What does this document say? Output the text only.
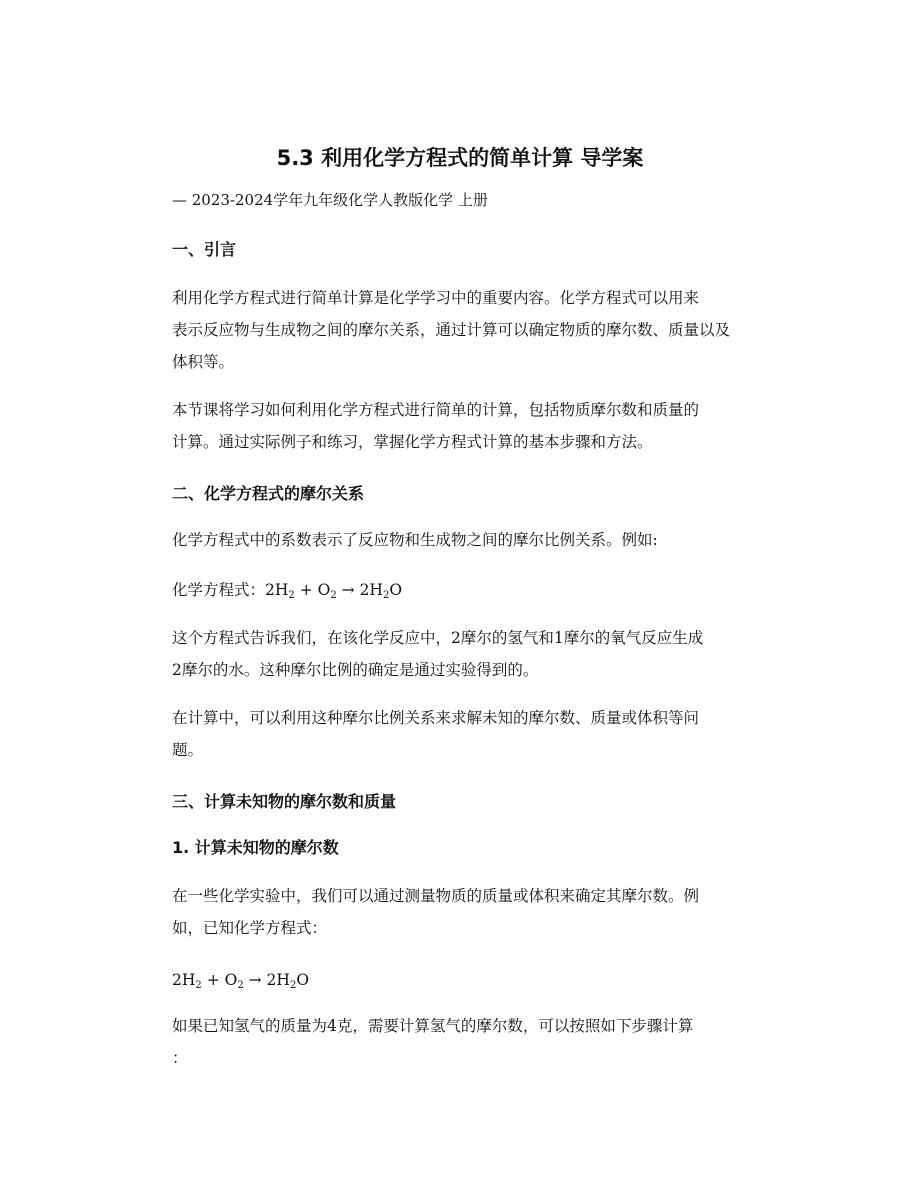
5.3 利用化学方程式的简单计算 导学案
— 2023-2024学年九年级化学人教版化学 上册
一、引言
利用化学方程式进行简单计算是化学学习中的重要内容。化学方程式可以用来
表示反应物与生成物之间的摩尔关系，通过计算可以确定物质的摩尔数、质量以及
体积等。
本节课将学习如何利用化学方程式进行简单的计算，包括物质摩尔数和质量的
计算。通过实际例子和练习，掌握化学方程式计算的基本步骤和方法。
二、化学方程式的摩尔关系
化学方程式中的系数表示了反应物和生成物之间的摩尔比例关系。例如:
化学方程式：$2H_2 + O_2 \to 2H_2O$
这个方程式告诉我们，在该化学反应中，2摩尔的氢气和1摩尔的氧气反应生成
2摩尔的水。这种摩尔比例的确定是通过实验得到的。
在计算中，可以利用这种摩尔比例关系来求解未知的摩尔数、质量或体积等问
题。
三、计算未知物的摩尔数和质量
1. 计算未知物的摩尔数
在一些化学实验中，我们可以通过测量物质的质量或体积来确定其摩尔数。例
如，已知化学方程式：
$2H_2 + O_2 \to 2H_2O$
如果已知氢气的质量为4克，需要计算氢气的摩尔数，可以按照如下步骤计算
：
